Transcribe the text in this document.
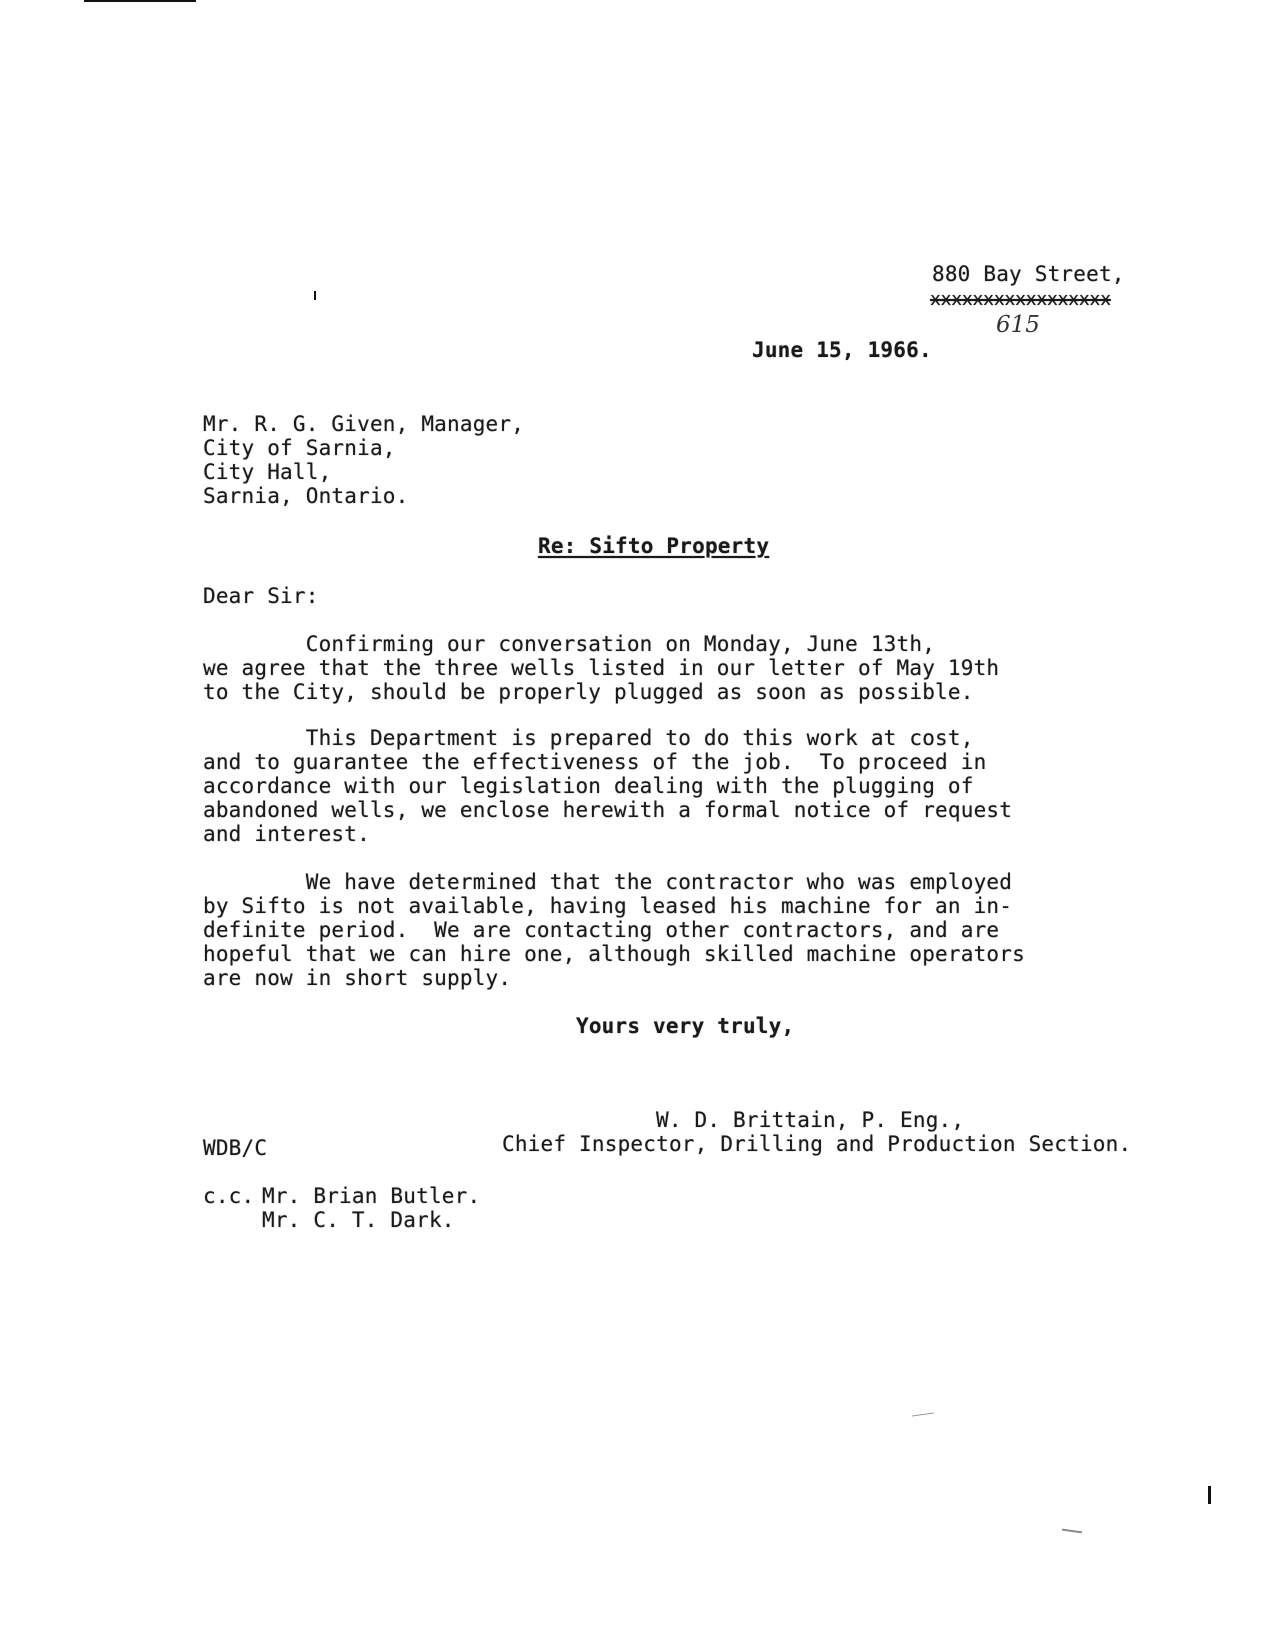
880 Bay Street,
xxxxxxxxxxxxxxxxx
615
June 15, 1966.
Mr. R. G. Given, Manager,
City of Sarnia,
City Hall,
Sarnia, Ontario.
Re: Sifto Property
Dear Sir:
Confirming our conversation on Monday, June 13th,
we agree that the three wells listed in our letter of May 19th
to the City, should be properly plugged as soon as possible.
This Department is prepared to do this work at cost,
and to guarantee the effectiveness of the job.  To proceed in
accordance with our legislation dealing with the plugging of
abandoned wells, we enclose herewith a formal notice of request
and interest.
We have determined that the contractor who was employed
by Sifto is not available, having leased his machine for an in-
definite period.  We are contacting other contractors, and are
hopeful that we can hire one, although skilled machine operators
are now in short supply.
Yours very truly,
W. D. Brittain, P. Eng.,
Chief Inspector, Drilling and Production Section.
WDB/C
c.c. Mr. Brian Butler.
Mr. C. T. Dark.
